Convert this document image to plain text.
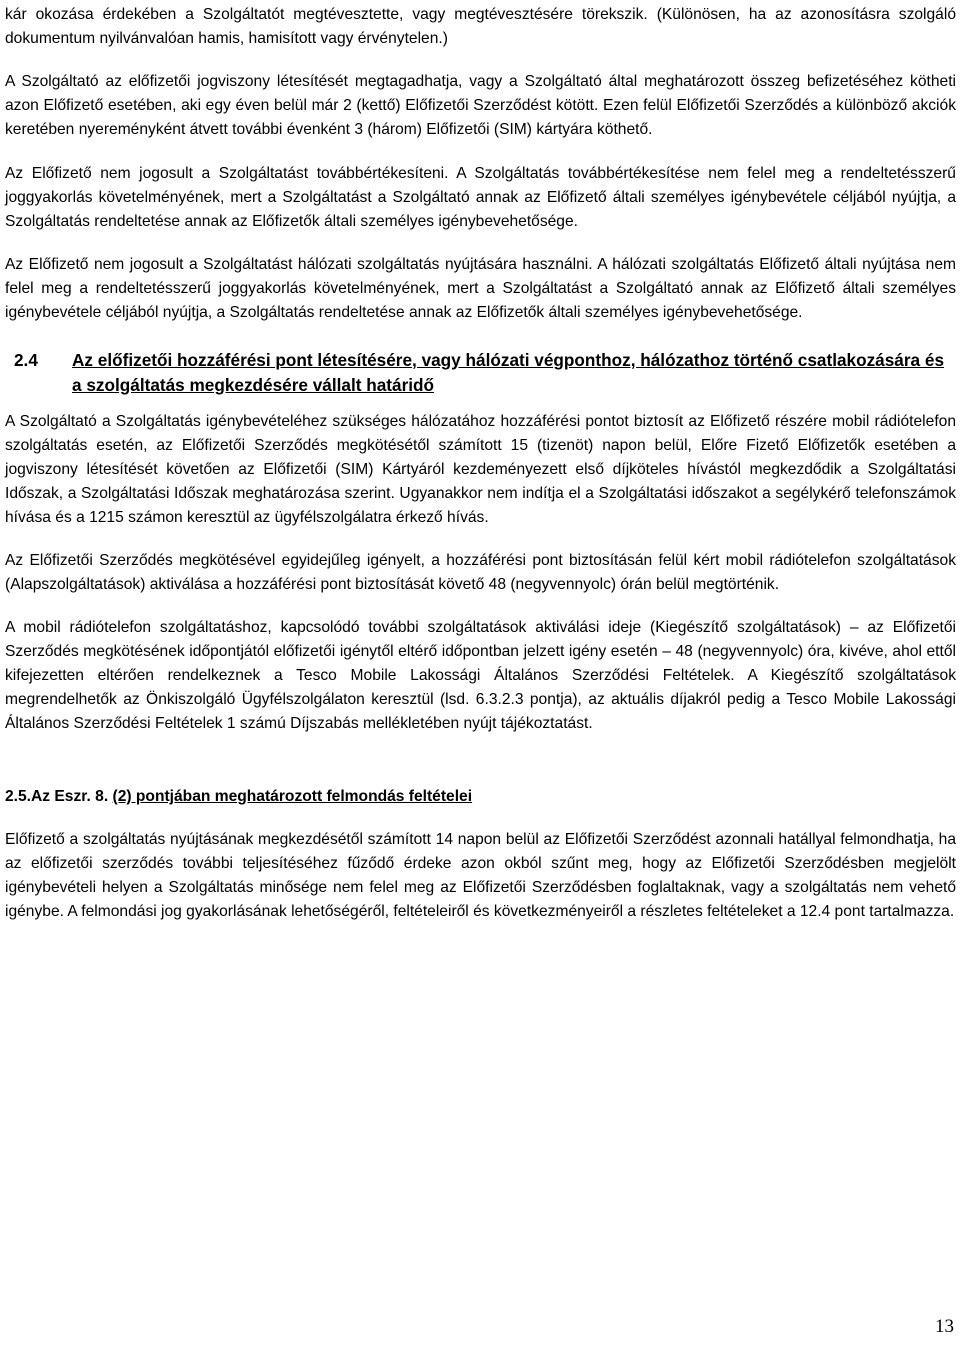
kár okozása érdekében a Szolgáltatót megtévesztette, vagy megtévesztésére törekszik. (Különösen, ha az azonosításra szolgáló dokumentum nyilvánvalóan hamis, hamisított vagy érvénytelen.)

A Szolgáltató az előfizetői jogviszony létesítését megtagadhatja, vagy a Szolgáltató által meghatározott összeg befizetéséhez kötheti azon Előfizető esetében, aki egy éven belül már 2 (kettő) Előfizetői Szerződést kötött. Ezen felül Előfizetői Szerződés a különböző akciók keretében nyereményként átvett további évenként 3 (három) Előfizetői (SIM) kártyára köthető.

Az Előfizető nem jogosult a Szolgáltatást továbbértékesíteni. A Szolgáltatás továbbértékesítése nem felel meg a rendeltetésszerű joggyakorlás követelményének, mert a Szolgáltatást a Szolgáltató annak az Előfizető általi személyes igénybevétele céljából nyújtja, a Szolgáltatás rendeltetése annak az Előfizetők általi személyes igénybevehetősége.

Az Előfizető nem jogosult a Szolgáltatást hálózati szolgáltatás nyújtására használni. A hálózati szolgáltatás Előfizető általi nyújtása nem felel meg a rendeltetésszerű joggyakorlás követelményének, mert a Szolgáltatást a Szolgáltató annak az Előfizető általi személyes igénybevétele céljából nyújtja, a Szolgáltatás rendeltetése annak az Előfizetők általi személyes igénybevehetősége.

2.4 Az előfizetői hozzáférési pont létesítésére, vagy hálózati végponthoz, hálózathoz történő csatlakozására és a szolgáltatás megkezdésére vállalt határidő

A Szolgáltató a Szolgáltatás igénybevételéhez szükséges hálózatához hozzáférési pontot biztosít az Előfizető részére mobil rádiótelefon szolgáltatás esetén, az Előfizetői Szerződés megkötésétől számított 15 (tizenöt) napon belül, Előre Fizető Előfizetők esetében a jogviszony létesítését követően az Előfizetői (SIM) Kártyáról kezdeményezett első díjköteles hívástól megkezdődik a Szolgáltatási Időszak, a Szolgáltatási Időszak meghatározása szerint. Ugyanakkor nem indítja el a Szolgáltatási időszakot a segélykérő telefonszámok hívása és a 1215 számon keresztül az ügyfélszolgálatra érkező hívás.

Az Előfizetői Szerződés megkötésével egyidejűleg igényelt, a hozzáférési pont biztosításán felül kért mobil rádiótelefon szolgáltatások (Alapszolgáltatások) aktiválása a hozzáférési pont biztosítását követő 48 (negyvennyolc) órán belül megtörténik.

A mobil rádiótelefon szolgáltatáshoz, kapcsolódó további szolgáltatások aktiválási ideje (Kiegészítő szolgáltatások) – az Előfizetői Szerződés megkötésének időpontjától előfizetői igénytől eltérő időpontban jelzett igény esetén – 48 (negyvennyolc) óra, kivéve, ahol ettől kifejezetten eltérően rendelkeznek a Tesco Mobile Lakossági Általános Szerződési Feltételek. A Kiegészítő szolgáltatások megrendelhetők az Önkiszolgáló Ügyfélszolgálaton keresztül (lsd. 6.3.2.3 pontja), az aktuális díjakról pedig a Tesco Mobile Lakossági Általános Szerződési Feltételek 1 számú Díjszabás mellékletében nyújt tájékoztatást.

2.5.Az Eszr. 8. (2) pontjában meghatározott felmondás feltételei

Előfizető a szolgáltatás nyújtásának megkezdésétől számított 14 napon belül az Előfizetői Szerződést azonnali hatállyal felmondhatja, ha az előfizetői szerződés további teljesítéséhez fűződő érdeke azon okból szűnt meg, hogy az Előfizetői Szerződésben megjelölt igénybevételi helyen a Szolgáltatás minősége nem felel meg az Előfizetői Szerződésben foglaltaknak, vagy a szolgáltatás nem vehető igénybe. A felmondási jog gyakorlásának lehetőségéről, feltételeiről és következményeiről a részletes feltételeket a 12.4 pont tartalmazza.

13
